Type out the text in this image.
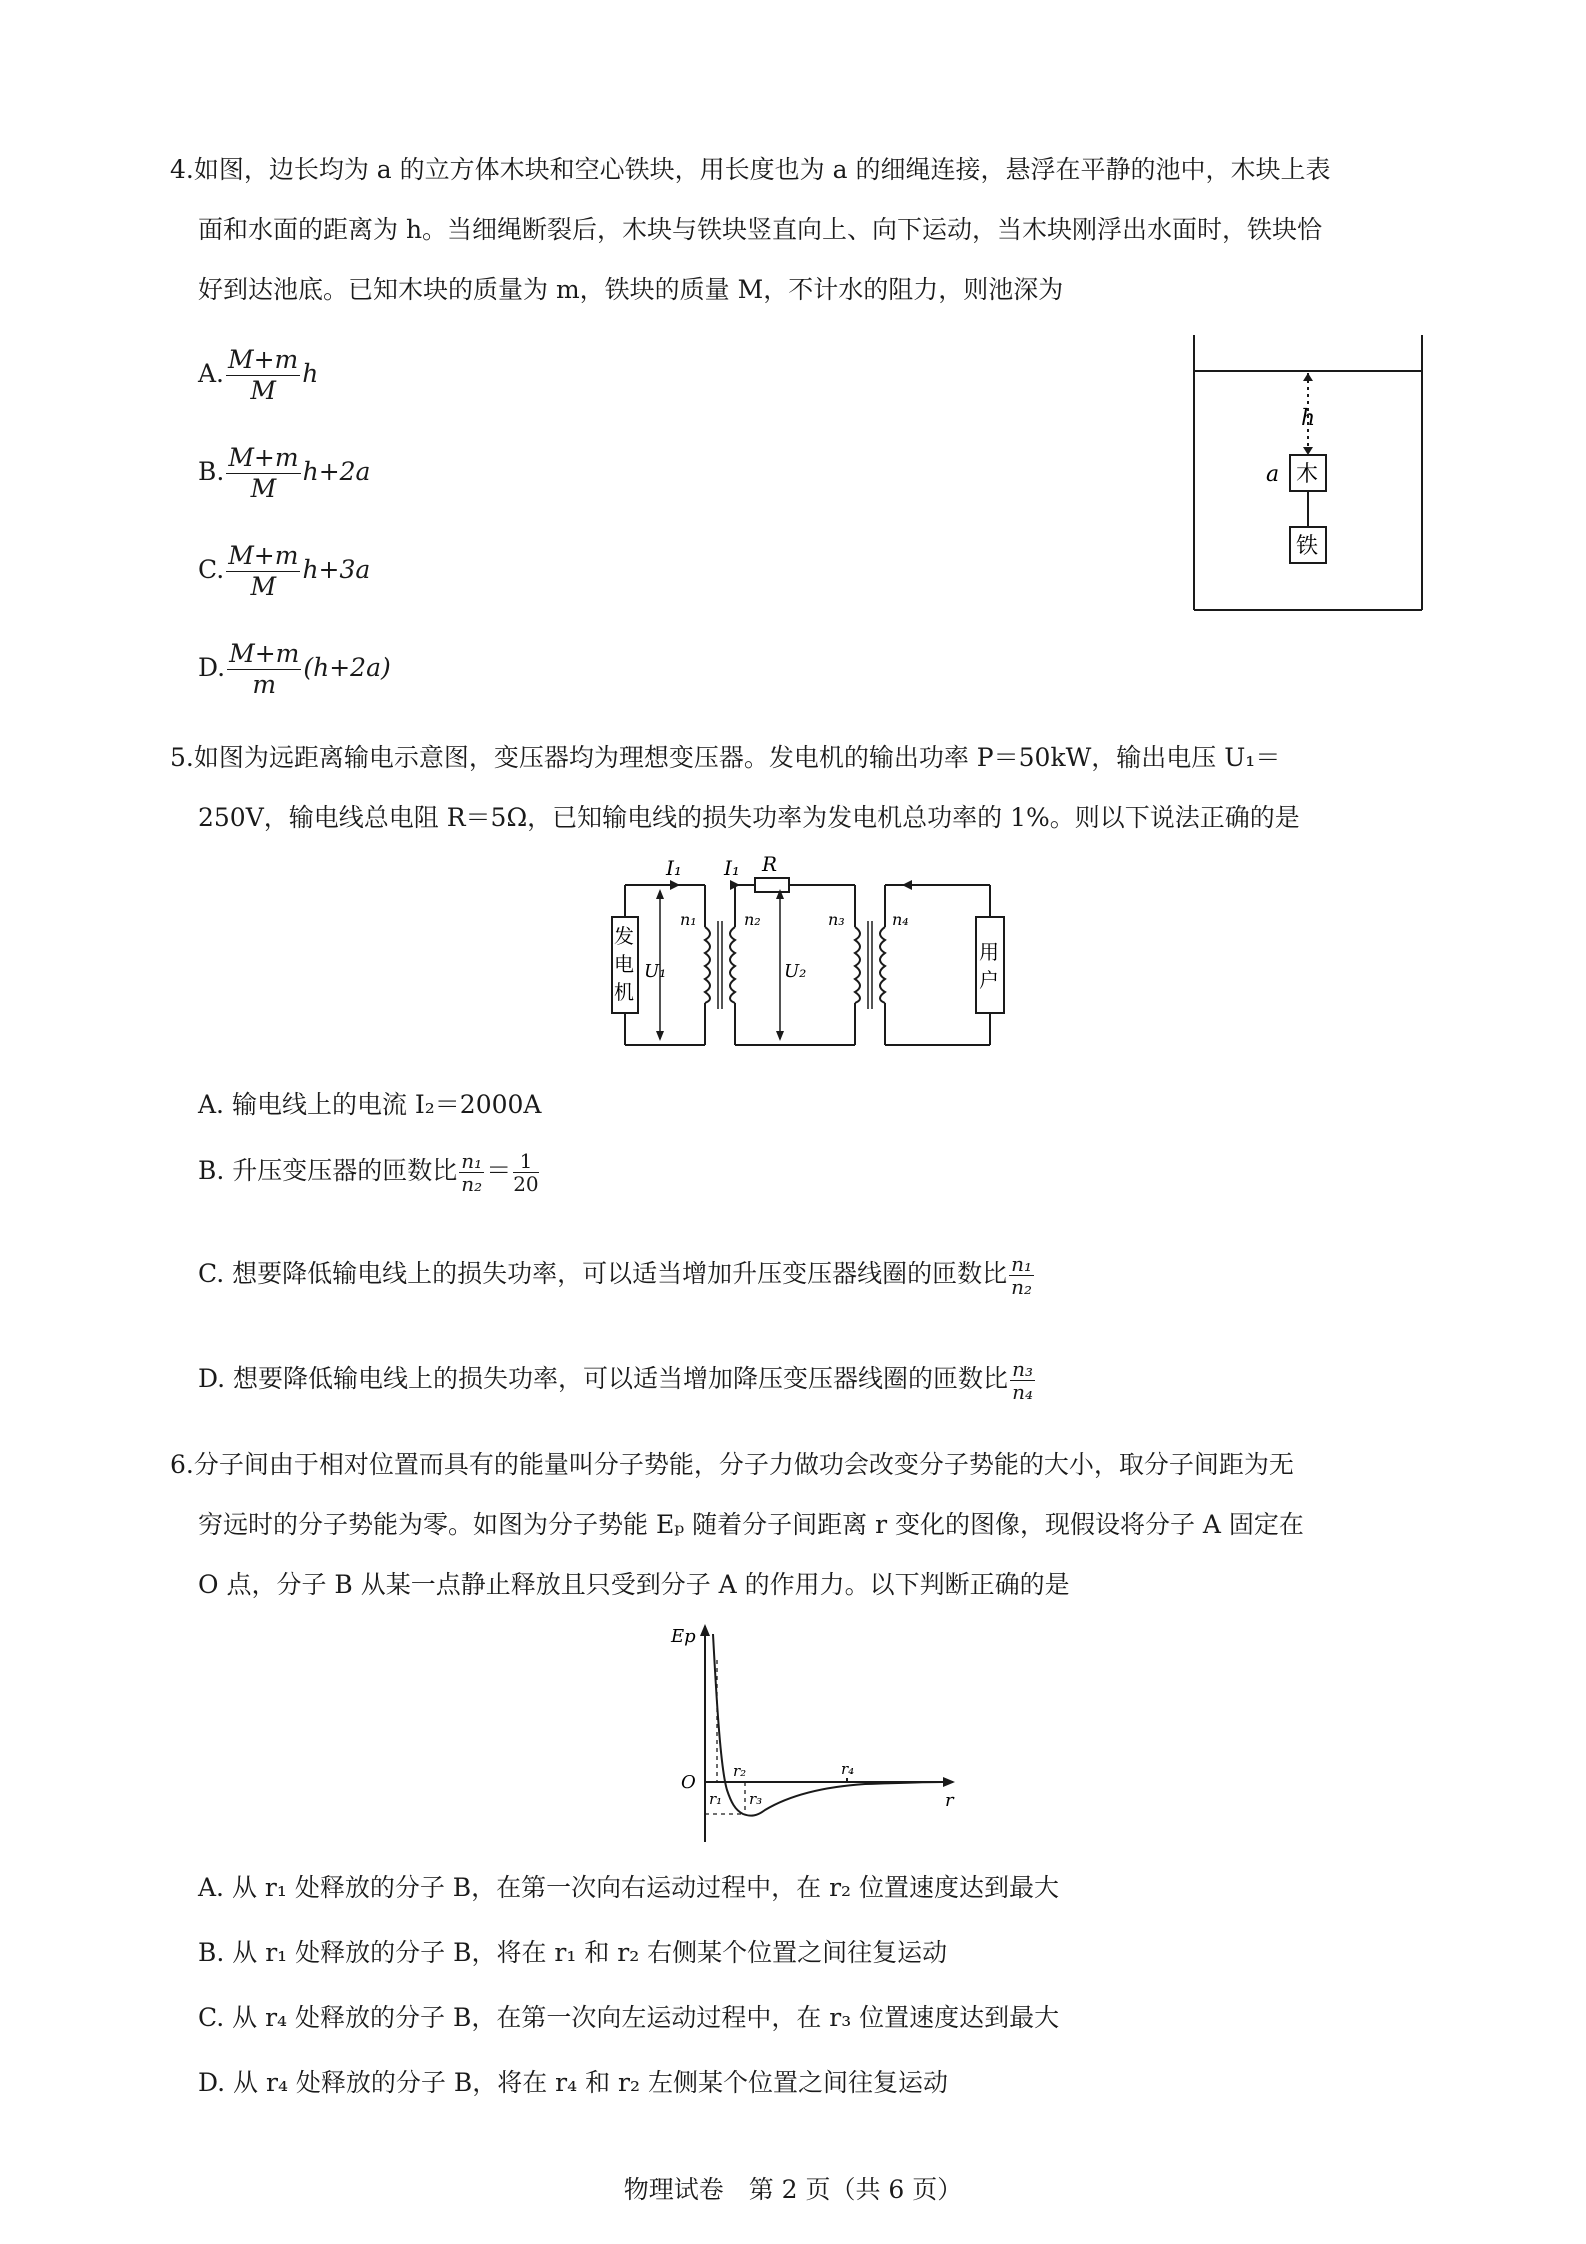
4.如图，边长均为 a 的立方体木块和空心铁块，用长度也为 a 的细绳连接，悬浮在平静的池中，木块上表
面和水面的距离为 h。当细绳断裂后，木块与铁块竖直向上、向下运动，当木块刚浮出水面时，铁块恰
好到达池底。已知木块的质量为 m，铁块的质量 M，不计水的阻力，则池深为
A. $\frac{M+m}{M}$ h
B. $\frac{M+m}{M} h+2a$
C. $\frac{M+m}{M} h+3a$
D. $\frac{M+m}{m} (h+2a)$
h
木
a
铁
5.如图为远距离输电示意图，变压器均为理想变压器。发电机的输出功率 P＝50kW，输出电压 U₁＝
250V，输电线总电阻 R＝5Ω，已知输电线的损失功率为发电机总功率的 1%。则以下说法正确的是
发
电
机
I₁
U₁
n₁	n₂
R
I₁
U₂
n₃	n₄
用
户
A. 输电线上的电流 I₂＝2000A
B. 升压变压器的匝数比 $\frac{\text{n₁}}{\text{n₂}} = \frac{1}{20}$
C. 想要降低输电线上的损失功率，可以适当增加升压变压器线圈的匝数比 $\frac{\text{n₁}}{\text{n₂}}$
D. 想要降低输电线上的损失功率，可以适当增加降压变压器线圈的匝数比 $\frac{\text{n₃}}{\text{n₄}}$
6.分子间由于相对位置而具有的能量叫分子势能，分子力做功会改变分子势能的大小，取分子间距为无
穷远时的分子势能为零。如图为分子势能 Eₚ 随着分子间距离 r 变化的图像，现假设将分子 A 固定在
O 点，分子 B 从某一点静止释放且只受到分子 A 的作用力。以下判断正确的是
Ep
O
r
r₁
r₂
r₃
r₄
A. 从 r₁ 处释放的分子 B，在第一次向右运动过程中，在 r₂ 位置速度达到最大
B. 从 r₁ 处释放的分子 B，将在 r₁ 和 r₂ 右侧某个位置之间往复运动
C. 从 r₄ 处释放的分子 B，在第一次向左运动过程中，在 r₃ 位置速度达到最大
D. 从 r₄ 处释放的分子 B，将在 r₄ 和 r₂ 左侧某个位置之间往复运动
物理试卷　第 2 页（共 6 页）
